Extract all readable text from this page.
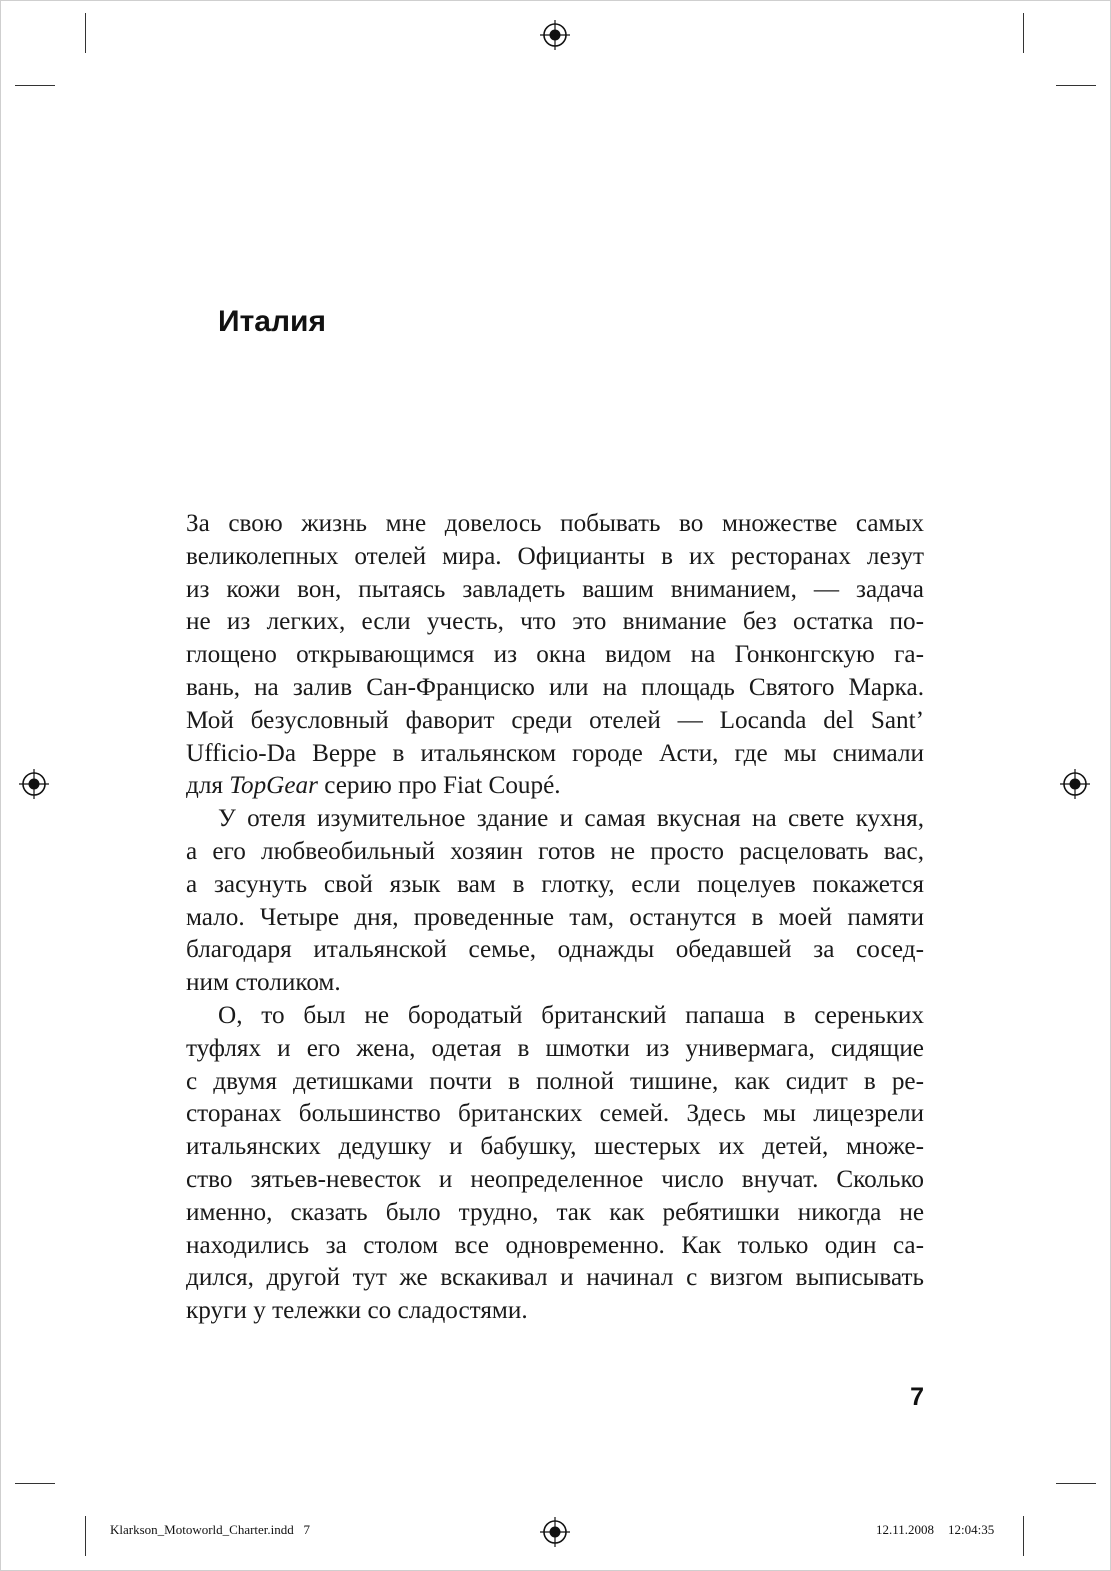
Италия
За свою жизнь мне довелось побывать во множестве самых
великолепных отелей мира. Официанты в их ресторанах лезут
из кожи вон, пытаясь завладеть вашим вниманием, — задача
не из легких, если учесть, что это внимание без остатка по-
глощено открывающимся из окна видом на Гонконгскую га-
вань, на залив Сан-Франциско или на площадь Святого Марка.
Мой безусловный фаворит среди отелей — Locanda del Sant’
Ufficio-Da Beppe в итальянском городе Асти, где мы снимали
для TopGear серию про Fiat Coupé.
У отеля изумительное здание и самая вкусная на свете кухня,
а его любвеобильный хозяин готов не просто расцеловать вас,
а засунуть свой язык вам в глотку, если поцелуев покажется
мало. Четыре дня, проведенные там, останутся в моей памяти
благодаря итальянской семье, однажды обедавшей за сосед-
ним столиком.
О, то был не бородатый британский папаша в сереньких
туфлях и его жена, одетая в шмотки из универмага, сидящие
с двумя детишками почти в полной тишине, как сидит в ре-
сторанах большинство британских семей. Здесь мы лицезрели
итальянских дедушку и бабушку, шестерых их детей, множе-
ство зятьев-невесток и неопределенное число внучат. Сколько
именно, сказать было трудно, так как ребятишки никогда не
находились за столом все одновременно. Как только один са-
дился, другой тут же вскакивал и начинал с визгом выписывать
круги у тележки со сладостями.
7
Klarkson_Motoworld_Charter.indd   7	12.11.2008 12:04:35
